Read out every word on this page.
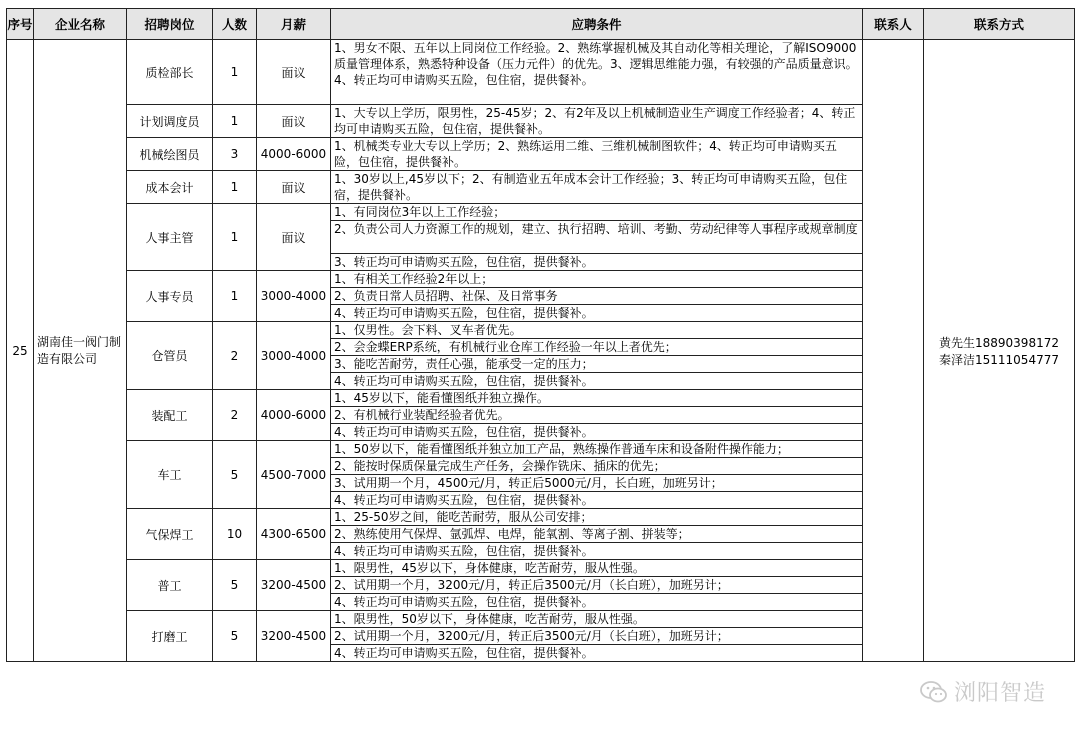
序号	企业名称	招聘岗位	人数	月薪	应聘条件	联系人	联系方式
25	湖南佳一阀门制造有限公司	质检部长	1	面议	1、男女不限、五年以上同岗位工作经验。2、熟练掌握机械及其自动化等相关理论，了解ISO9000质量管理体系，熟悉特种设备（压力元件）的优先。3、逻辑思维能力强，有较强的产品质量意识。4、转正均可申请购买五险，包住宿，提供餐补。		黄先生18890398172
秦泽洁15111054777

		计划调度员	1	面议	1、大专以上学历，限男性，25-45岁；2、有2年及以上机械制造业生产调度工作经验者；4、转正均可申请购买五险，包住宿，提供餐补。		
		机械绘图员	3	4000-6000	1、机械类专业大专以上学历；2、熟练运用二维、三维机械制图软件；4、转正均可申请购买五险，包住宿，提供餐补。		
		成本会计	1	面议	1、30岁以上,45岁以下；2、有制造业五年成本会计工作经验；3、转正均可申请购买五险，包住宿，提供餐补。		
		人事主管	1	面议	1、有同岗位3年以上工作经验；		
					2、负责公司人力资源工作的规划，建立、执行招聘、培训、考勤、劳动纪律等人事程序或规章制度		
					3、转正均可申请购买五险，包住宿，提供餐补。		
		人事专员	1	3000-4000	1、有相关工作经验2年以上；		
					2、负责日常人员招聘、社保、及日常事务		
					4、转正均可申请购买五险，包住宿，提供餐补。		
		仓管员	2	3000-4000	1、仅男性。会下料、叉车者优先。		
					2、会金蝶ERP系统，有机械行业仓库工作经验一年以上者优先；		
					3、能吃苦耐劳，责任心强，能承受一定的压力；		
					4、转正均可申请购买五险，包住宿，提供餐补。		
		装配工	2	4000-6000	1、45岁以下，能看懂图纸并独立操作。		
					2、有机械行业装配经验者优先。		
					4、转正均可申请购买五险，包住宿，提供餐补。		
		车工	5	4500-7000	1、50岁以下，能看懂图纸并独立加工产品，熟练操作普通车床和设备附件操作能力；		
					2、能按时保质保量完成生产任务，会操作铣床、插床的优先；		
					3、试用期一个月，4500元/月，转正后5000元/月，长白班，加班另计；		
					4、转正均可申请购买五险，包住宿，提供餐补。		
		气保焊工	10	4300-6500	1、25-50岁之间，能吃苦耐劳，服从公司安排；		
					2、熟练使用气保焊、氩弧焊、电焊，能氧割、等离子割、拼装等；		
					4、转正均可申请购买五险，包住宿，提供餐补。		
		普工	5	3200-4500	1、限男性，45岁以下，身体健康，吃苦耐劳，服从性强。		
					2、试用期一个月，3200元/月，转正后3500元/月（长白班），加班另计；		
					4、转正均可申请购买五险，包住宿，提供餐补。		
		打磨工	5	3200-4500	1、限男性，50岁以下，身体健康，吃苦耐劳，服从性强。		
					2、试用期一个月，3200元/月，转正后3500元/月（长白班），加班另计；		
					4、转正均可申请购买五险，包住宿，提供餐补。		
浏阳智造
